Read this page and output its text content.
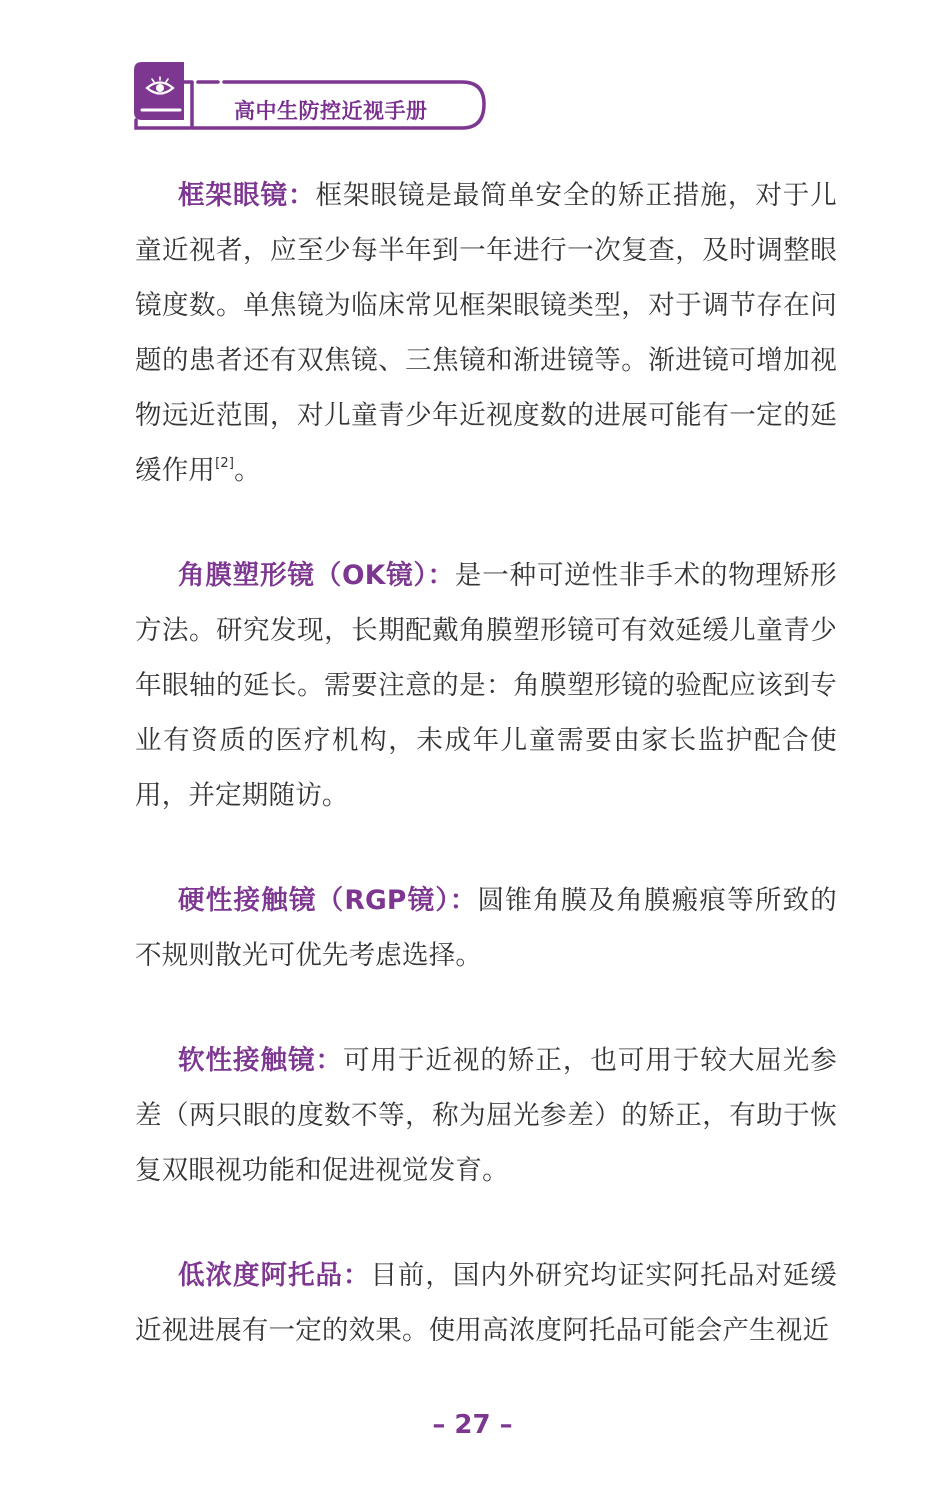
高中生防控近视手册

框架眼镜：框架眼镜是最简单安全的矫正措施，对于儿童近视者，应至少每半年到一年进行一次复查，及时调整眼镜度数。单焦镜为临床常见框架眼镜类型，对于调节存在问题的患者还有双焦镜、三焦镜和渐进镜等。渐进镜可增加视物远近范围，对儿童青少年近视度数的进展可能有一定的延缓作用[2]。

角膜塑形镜（OK镜）：是一种可逆性非手术的物理矫形方法。研究发现，长期配戴角膜塑形镜可有效延缓儿童青少年眼轴的延长。需要注意的是：角膜塑形镜的验配应该到专业有资质的医疗机构，未成年儿童需要由家长监护配合使用，并定期随访。

硬性接触镜（RGP镜）：圆锥角膜及角膜瘢痕等所致的不规则散光可优先考虑选择。

软性接触镜：可用于近视的矫正，也可用于较大屈光参差（两只眼的度数不等，称为屈光参差）的矫正，有助于恢复双眼视功能和促进视觉发育。

低浓度阿托品：目前，国内外研究均证实阿托品对延缓近视进展有一定的效果。使用高浓度阿托品可能会产生视近

– 27 –
